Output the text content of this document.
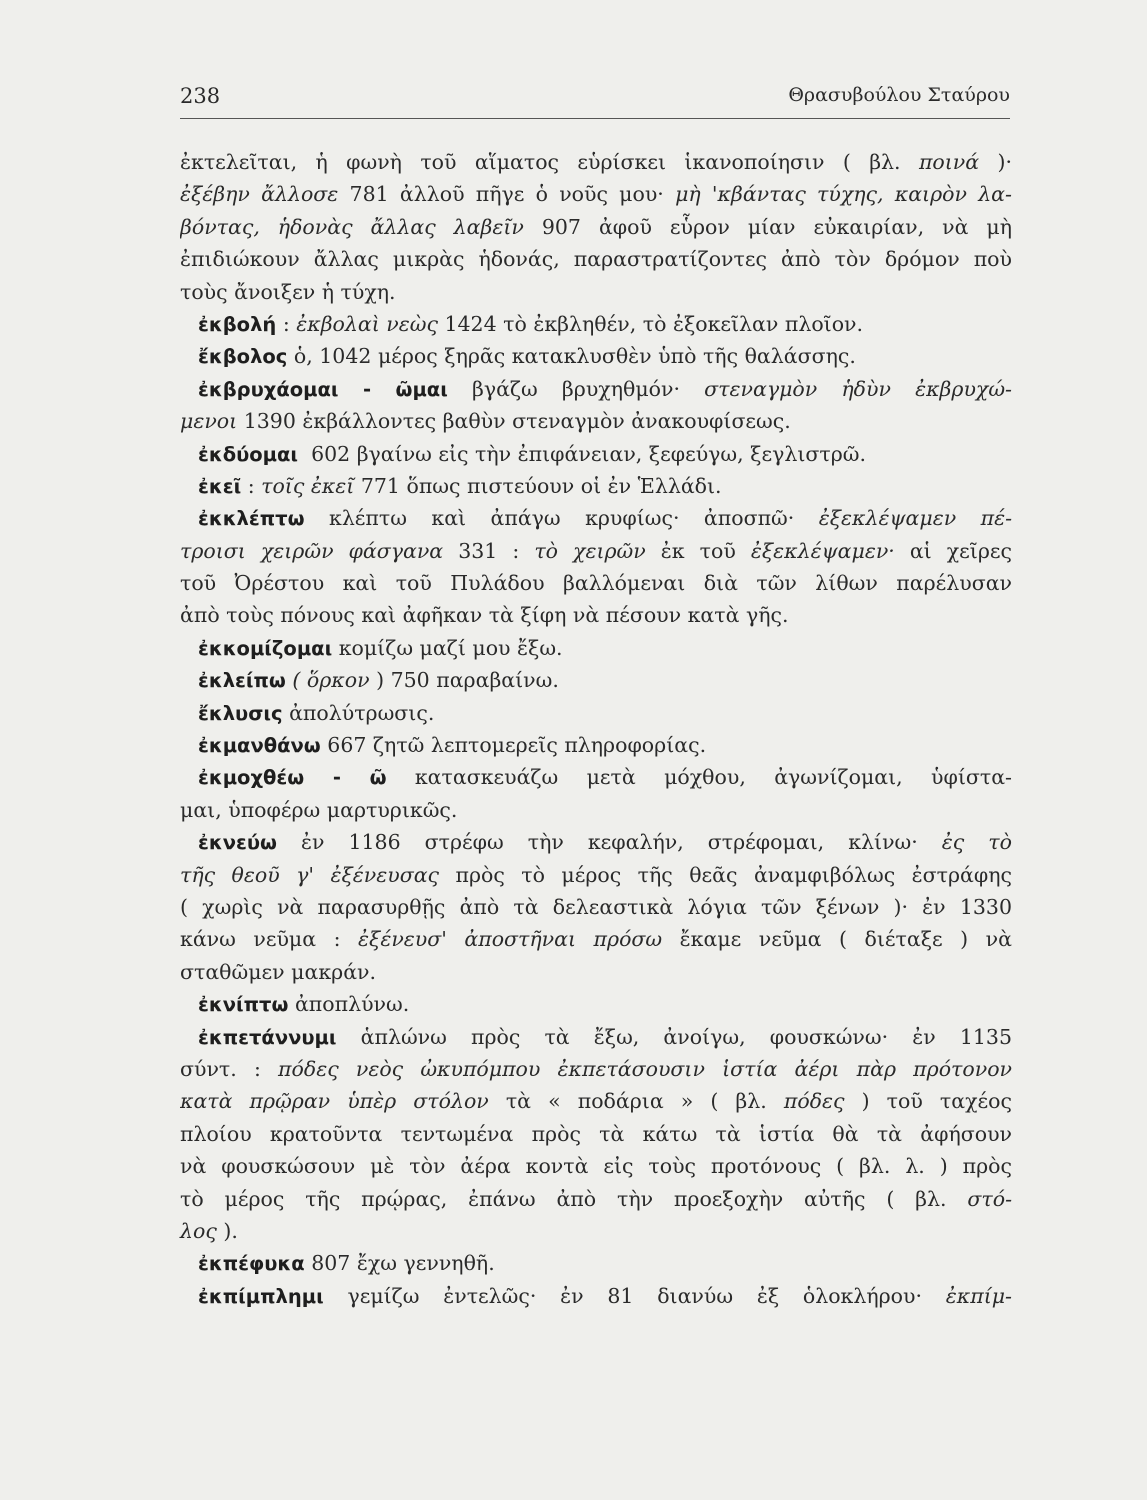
238	Θρασυβούλου Σταύρου
ἐκτελεῖται, ἡ φωνὴ τοῦ αἵματος εὑρίσκει ἱκανοποίησιν ( βλ. ποινά )·
ἐξέβην ἄλλοσε 781 ἀλλοῦ πῆγε ὁ νοῦς μου· μὴ 'κβάντας τύχης, καιρὸν λα-
βόντας, ἡδονὰς ἄλλας λαβεῖν 907 ἀφοῦ εὗρον μίαν εὐκαιρίαν, νὰ μὴ
ἐπιδιώκουν ἄλλας μικρὰς ἡδονάς, παραστρατίζοντες ἀπὸ τὸν δρόμον ποὺ
τοὺς ἄνοιξεν ἡ τύχη.
ἐκβολή : ἐκβολαὶ νεὼς 1424 τὸ ἐκβληθέν, τὸ ἐξοκεῖλαν πλοῖον.
ἔκβολος ὁ, 1042 μέρος ξηρᾶς κατακλυσθὲν ὑπὸ τῆς θαλάσσης.
ἐκβρυχάομαι - ῶμαι βγάζω βρυχηθμόν· στεναγμὸν ἡδὺν ἐκβρυχώ-
μενοι 1390 ἐκβάλλοντες βαθὺν στεναγμὸν ἀνακουφίσεως.
ἐκδύομαι 602 βγαίνω εἰς τὴν ἐπιφάνειαν, ξεφεύγω, ξεγλιστρῶ.
ἐκεῖ : τοῖς ἐκεῖ 771 ὅπως πιστεύουν οἱ ἐν Ἑλλάδι.
ἐκκλέπτω κλέπτω καὶ ἀπάγω κρυφίως· ἀποσπῶ· ἐξεκλέψαμεν πέ-
τροισι χειρῶν φάσγανα 331 : τὸ χειρῶν ἐκ τοῦ ἐξεκλέψαμεν· αἱ χεῖρες
τοῦ Ὀρέστου καὶ τοῦ Πυλάδου βαλλόμεναι διὰ τῶν λίθων παρέλυσαν
ἀπὸ τοὺς πόνους καὶ ἀφῆκαν τὰ ξίφη νὰ πέσουν κατὰ γῆς.
ἐκκομίζομαι κομίζω μαζί μου ἔξω.
ἐκλείπω ( ὅρκον ) 750 παραβαίνω.
ἔκλυσις ἀπολύτρωσις.
ἐκμανθάνω 667 ζητῶ λεπτομερεῖς πληροφορίας.
ἐκμοχθέω - ῶ κατασκευάζω μετὰ μόχθου, ἀγωνίζομαι, ὑφίστα-
μαι, ὑποφέρω μαρτυρικῶς.
ἐκνεύω ἐν 1186 στρέφω τὴν κεφαλήν, στρέφομαι, κλίνω· ἐς τὸ
τῆς θεοῦ γ' ἐξένευσας πρὸς τὸ μέρος τῆς θεᾶς ἀναμφιβόλως ἐστράφης
( χωρὶς νὰ παρασυρθῇς ἀπὸ τὰ δελεαστικὰ λόγια τῶν ξένων )· ἐν 1330
κάνω νεῦμα : ἐξένευσ' ἀποστῆναι πρόσω ἔκαμε νεῦμα ( διέταξε ) νὰ
σταθῶμεν μακράν.
ἐκνίπτω ἀποπλύνω.
ἐκπετάννυμι ἁπλώνω πρὸς τὰ ἔξω, ἀνοίγω, φουσκώνω· ἐν 1135
σύντ. : πόδες νεὸς ὠκυπόμπου ἐκπετάσουσιν ἱστία ἀέρι πὰρ πρότονον
κατὰ πρῷραν ὑπὲρ στόλον τὰ « ποδάρια » ( βλ. πόδες ) τοῦ ταχέος
πλοίου κρατοῦντα τεντωμένα πρὸς τὰ κάτω τὰ ἱστία θὰ τὰ ἀφήσουν
νὰ φουσκώσουν μὲ τὸν ἀέρα κοντὰ εἰς τοὺς προτόνους ( βλ. λ. ) πρὸς
τὸ μέρος τῆς πρῴρας, ἐπάνω ἀπὸ τὴν προεξοχὴν αὐτῆς ( βλ. στό-
λος ).
ἐκπέφυκα 807 ἔχω γεννηθῆ.
ἐκπίμπλημι γεμίζω ἐντελῶς· ἐν 81 διανύω ἐξ ὁλοκλήρου· ἐκπίμ-
